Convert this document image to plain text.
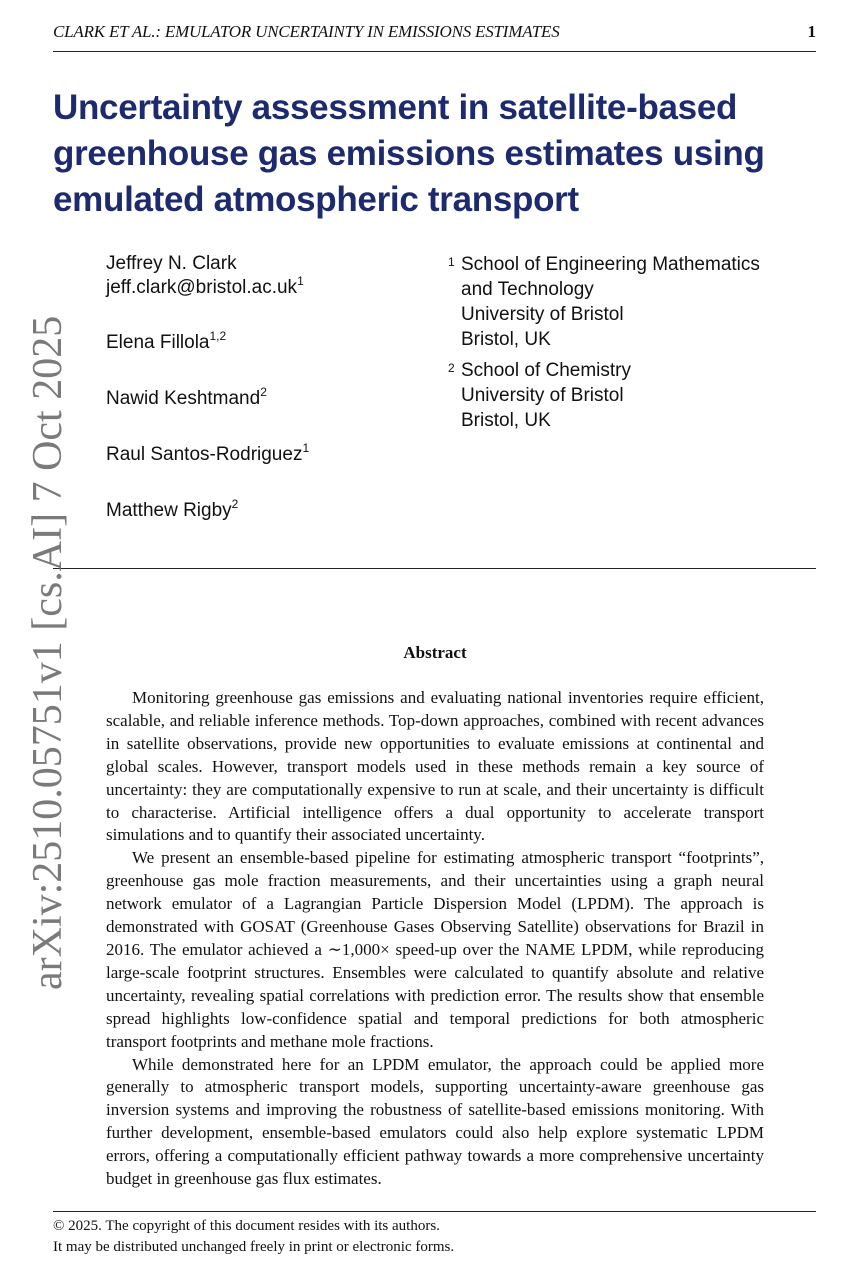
CLARK ET AL.: EMULATOR UNCERTAINTY IN EMISSIONS ESTIMATES	1
Uncertainty assessment in satellite-based greenhouse gas emissions estimates using emulated atmospheric transport
Jeffrey N. Clark
$jeff.clark@bristol.ac.uk^1$
Elena Fillola$^{1,2}$
Nawid Keshtmand$^2$
Raul Santos-Rodriguez$^1$
Matthew Rigby$^2$
1 School of Engineering Mathematics
and Technology
University of Bristol
Bristol, UK
2 School of Chemistry
University of Bristol
Bristol, UK
arXiv:2510.05751v1 [cs.AI] 7 Oct 2025	Abstract

Monitoring greenhouse gas emissions and evaluating national inventories require efficient, scalable, and reliable inference methods. Top-down approaches, combined with recent advances in satellite observations, provide new opportunities to evaluate emissions at continental and global scales. However, transport models used in these methods remain a key source of uncertainty: they are computationally expensive to run at scale, and their uncertainty is difficult to characterise. Artificial intelligence offers a dual opportunity to accelerate transport simulations and to quantify their associated uncertainty.

We present an ensemble-based pipeline for estimating atmospheric transport “footprints”, greenhouse gas mole fraction measurements, and their uncertainties using a graph neural network emulator of a Lagrangian Particle Dispersion Model (LPDM). The approach is demonstrated with GOSAT (Greenhouse Gases Observing Satellite) observations for Brazil in 2016. The emulator achieved a ∼1,000× speed-up over the NAME LPDM, while reproducing large-scale footprint structures. Ensembles were calculated to quantify absolute and relative uncertainty, revealing spatial correlations with prediction error. The results show that ensemble spread highlights low-confidence spatial and temporal predictions for both atmospheric transport footprints and methane mole fractions.

While demonstrated here for an LPDM emulator, the approach could be applied more generally to atmospheric transport models, supporting uncertainty-aware greenhouse gas inversion systems and improving the robustness of satellite-based emissions monitoring. With further development, ensemble-based emulators could also help explore systematic LPDM errors, offering a computationally efficient pathway towards a more comprehensive uncertainty budget in greenhouse gas flux estimates.

© 2025. The copyright of this document resides with its authors.
It may be distributed unchanged freely in print or electronic forms.
